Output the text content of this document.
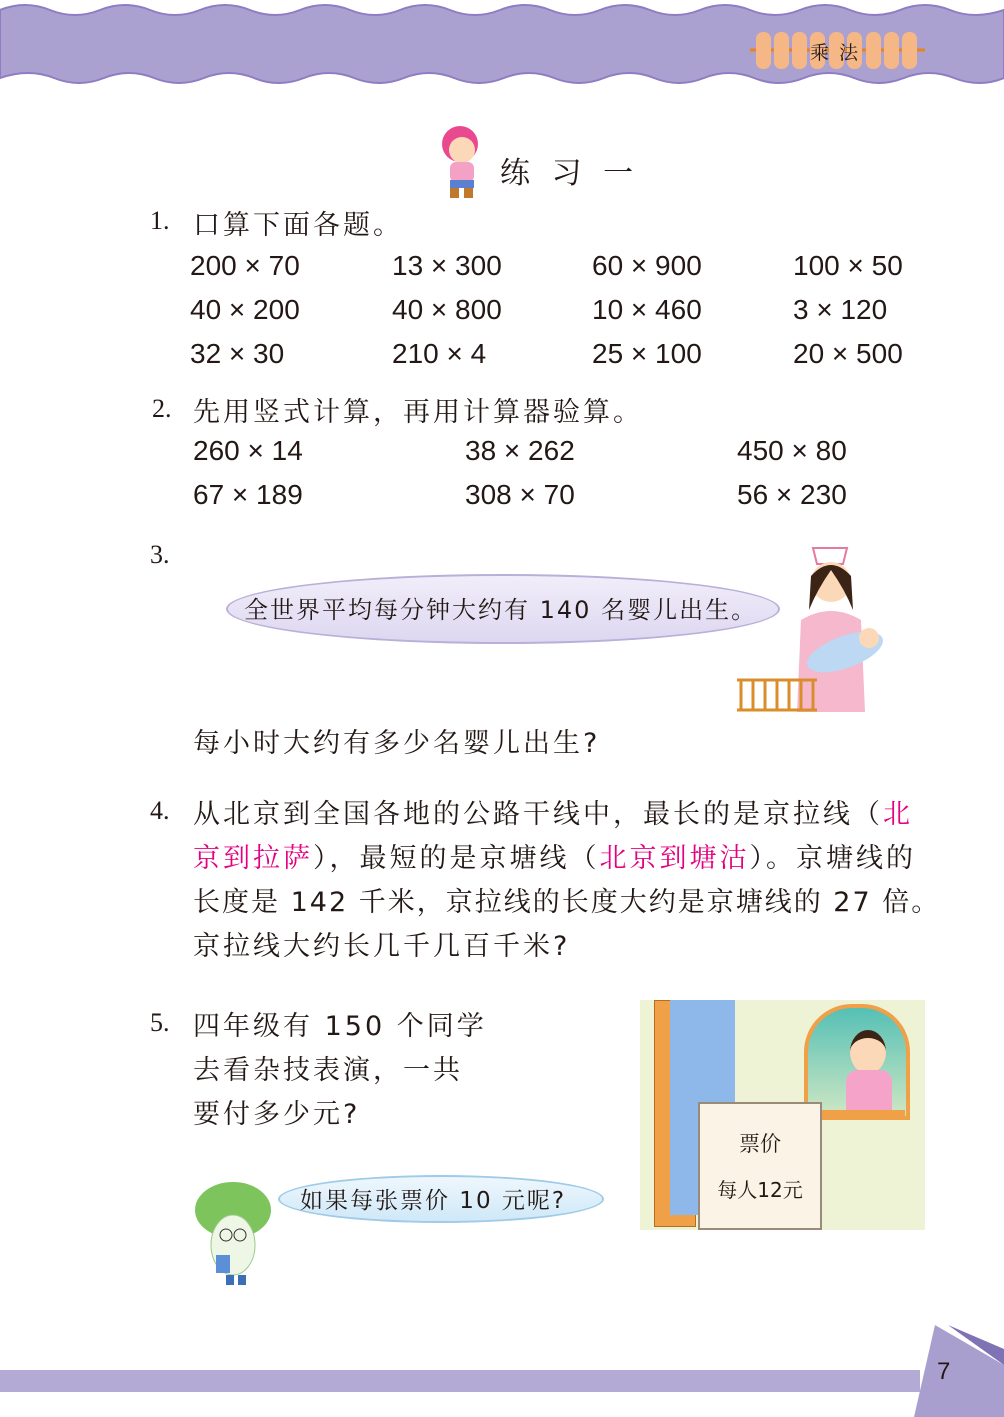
乘法
练 习 一
1. 口算下面各题。
200 × 70	13 × 300	60 × 900	100 × 50
40 × 200	40 × 800	10 × 460	3 × 120
32 × 30	210 × 4	25 × 100	20 × 500
2. 先用竖式计算，再用计算器验算。
260 × 14	38 × 262	450 × 80
67 × 189	308 × 70	56 × 230
3.
全世界平均每分钟大约有 140 名婴儿出生。
每小时大约有多少名婴儿出生?
4. 从北京到全国各地的公路干线中，最长的是京拉线（北
京到拉萨），最短的是京塘线（北京到塘沽）。京塘线的
长度是 142 千米，京拉线的长度大约是京塘线的 27 倍。
京拉线大约长几千几百千米?
5. 四年级有 150 个同学
去看杂技表演，一共
要付多少元?
票价
每人12元
如果每张票价 10 元呢?
7
